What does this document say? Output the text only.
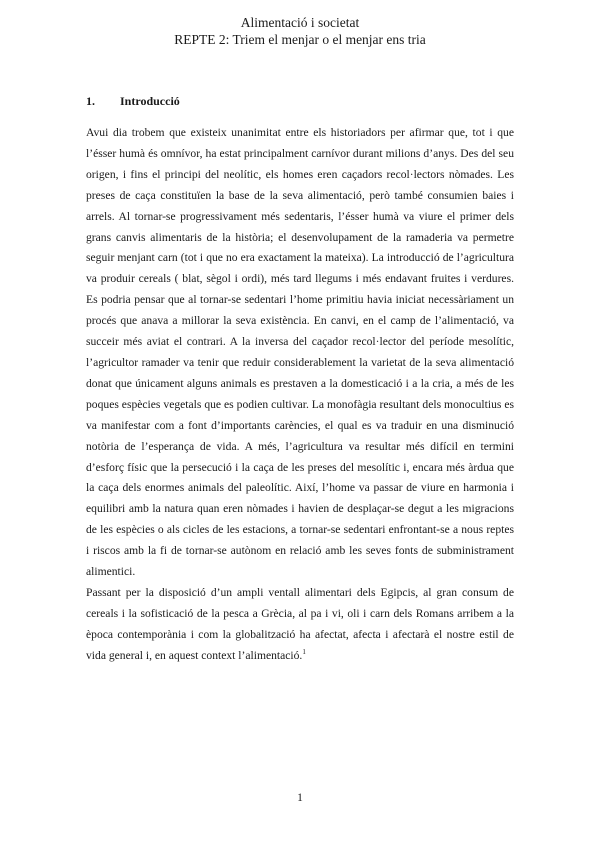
Alimentació i societat
REPTE 2: Triem el menjar o el menjar ens tria
1. Introducció

Avui dia trobem que existeix unanimitat entre els historiadors per afirmar que, tot i que l’ésser humà és omnívor, ha estat principalment carnívor durant milions d’anys. Des del seu origen, i fins el principi del neolític, els homes eren caçadors recol·lectors nòmades. Les preses de caça constituïen la base de la seva alimentació, però també consumien baies i arrels. Al tornar-se progressivament més sedentaris, l’ésser humà va viure el primer dels grans canvis alimentaris de la història; el desenvolupament de la ramaderia va permetre seguir menjant carn (tot i que no era exactament la mateixa). La introducció de l’agricultura va produir cereals ( blat, sègol i ordi), més tard llegums i més endavant fruites i verdures. Es podria pensar que al tornar-se sedentari l’home primitiu havia iniciat necessàriament un procés que anava a millorar la seva existència. En canvi, en el camp de l’alimentació, va succeir més aviat el contrari. A la inversa del caçador recol·lector del període mesolític, l’agricultor ramader va tenir que reduir considerablement la varietat de la seva alimentació donat que únicament alguns animals es prestaven a la domesticació i a la cria, a més de les poques espècies vegetals que es podien cultivar. La monofàgia resultant dels monocultius es va manifestar com a font d’importants carències, el qual es va traduir en una disminució notòria de l’esperança de vida. A més, l’agricultura va resultar més difícil en termini d’esforç físic que la persecució i la caça de les preses del mesolític i, encara més àrdua que la caça dels enormes animals del paleolític. Així, l’home va passar de viure en harmonia i equilibri amb la natura quan eren nòmades i havien de desplaçar-se degut a les migracions de les espècies o als cicles de les estacions, a tornar-se sedentari enfrontant-se a nous reptes i riscos amb la fi de tornar-se autònom en relació amb les seves fonts de subministrament alimentici.

Passant per la disposició d’un ampli ventall alimentari dels Egipcis, al gran consum de cereals i la sofisticació de la pesca a Grècia, al pa i vi, oli i carn dels Romans arribem a la època contemporània i com la globalització ha afectat, afecta i afectarà el nostre estil de vida general i, en aquest context l’alimentació.$^1$

1
